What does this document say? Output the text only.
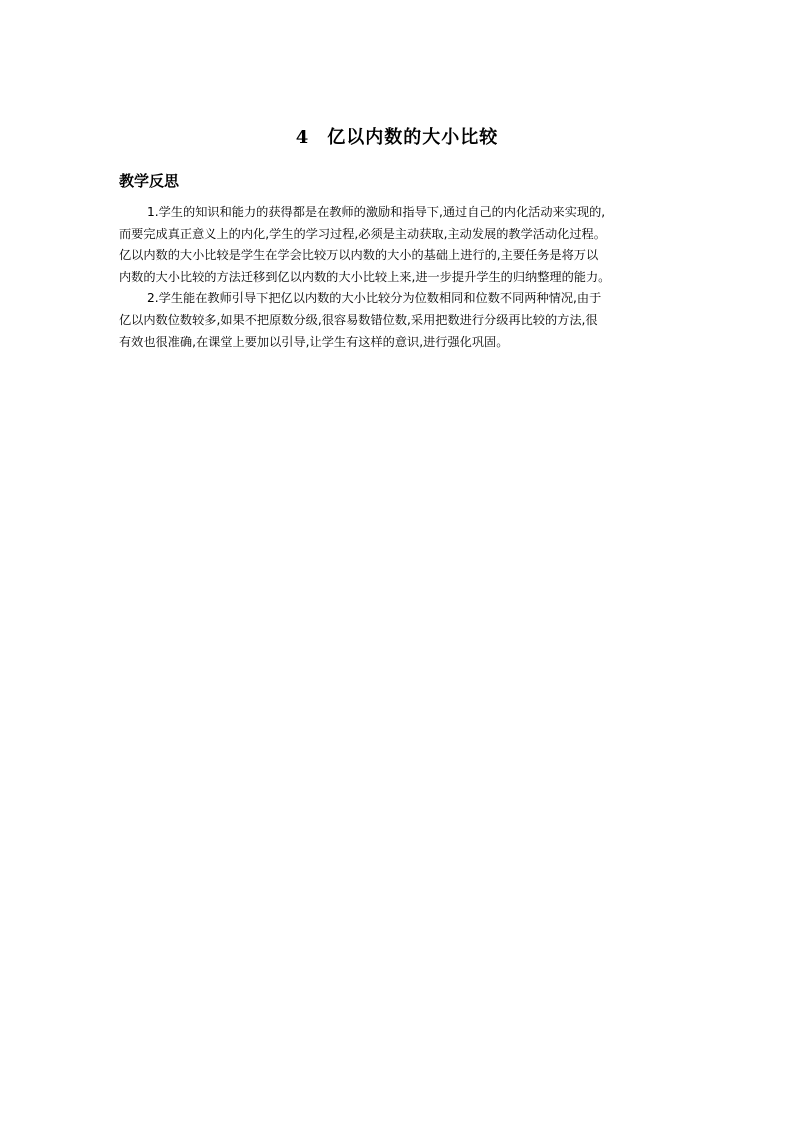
4 亿以内数的大小比较
教学反思
1.学生的知识和能力的获得都是在教师的激励和指导下,通过自己的内化活动来实现的,
而要完成真正意义上的内化,学生的学习过程,必须是主动获取,主动发展的教学活动化过程。
亿以内数的大小比较是学生在学会比较万以内数的大小的基础上进行的,主要任务是将万以
内数的大小比较的方法迁移到亿以内数的大小比较上来,进一步提升学生的归纳整理的能力。
2.学生能在教师引导下把亿以内数的大小比较分为位数相同和位数不同两种情况,由于
亿以内数位数较多,如果不把原数分级,很容易数错位数,采用把数进行分级再比较的方法,很
有效也很准确,在课堂上要加以引导,让学生有这样的意识,进行强化巩固。
